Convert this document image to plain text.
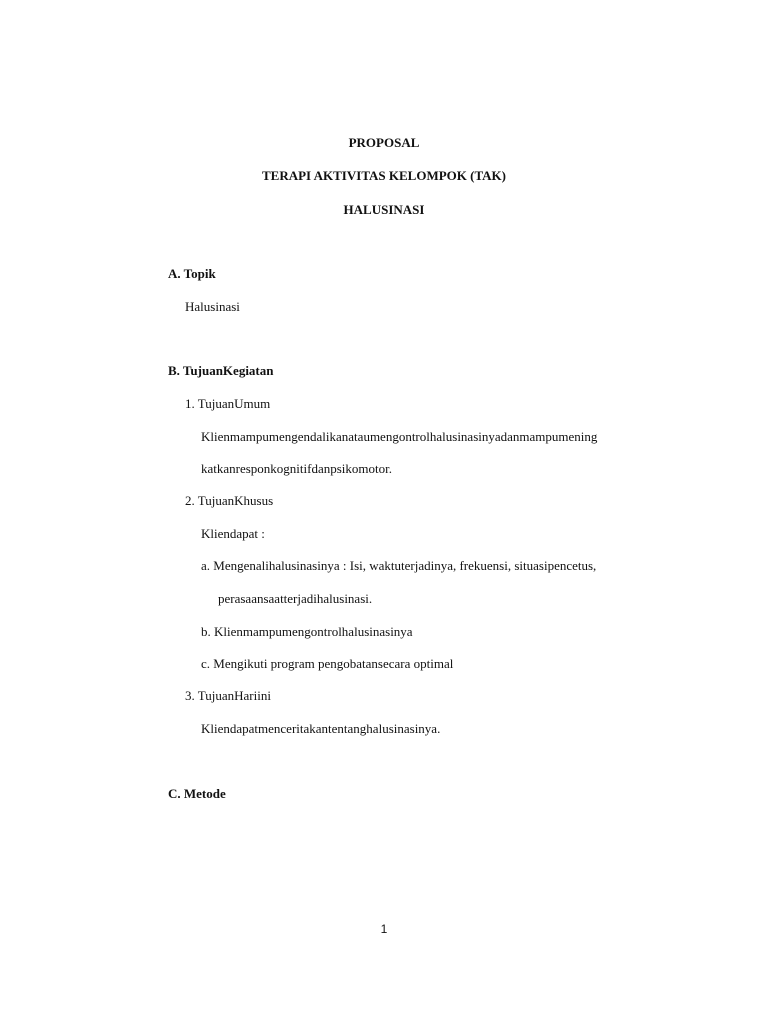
PROPOSAL
TERAPI AKTIVITAS KELOMPOK (TAK)
HALUSINASI
A. Topik
Halusinasi
B. TujuanKegiatan
1. TujuanUmum
Klienmampumengendalikanataumengontrolhalusinasinyadanmampumening
katkanresponkognitifdanpsikomotor.
2. TujuanKhusus
Kliendapat :
a. Mengenalihalusinasinya : Isi, waktuterjadinya, frekuensi, situasipencetus,
perasaansaatterjadihalusinasi.
b. Klienmampumengontrolhalusinasinya
c. Mengikuti program pengobatansecara optimal
3. TujuanHariini
Kliendapatmenceritakantentanghalusinasinya.
C. Metode
1
